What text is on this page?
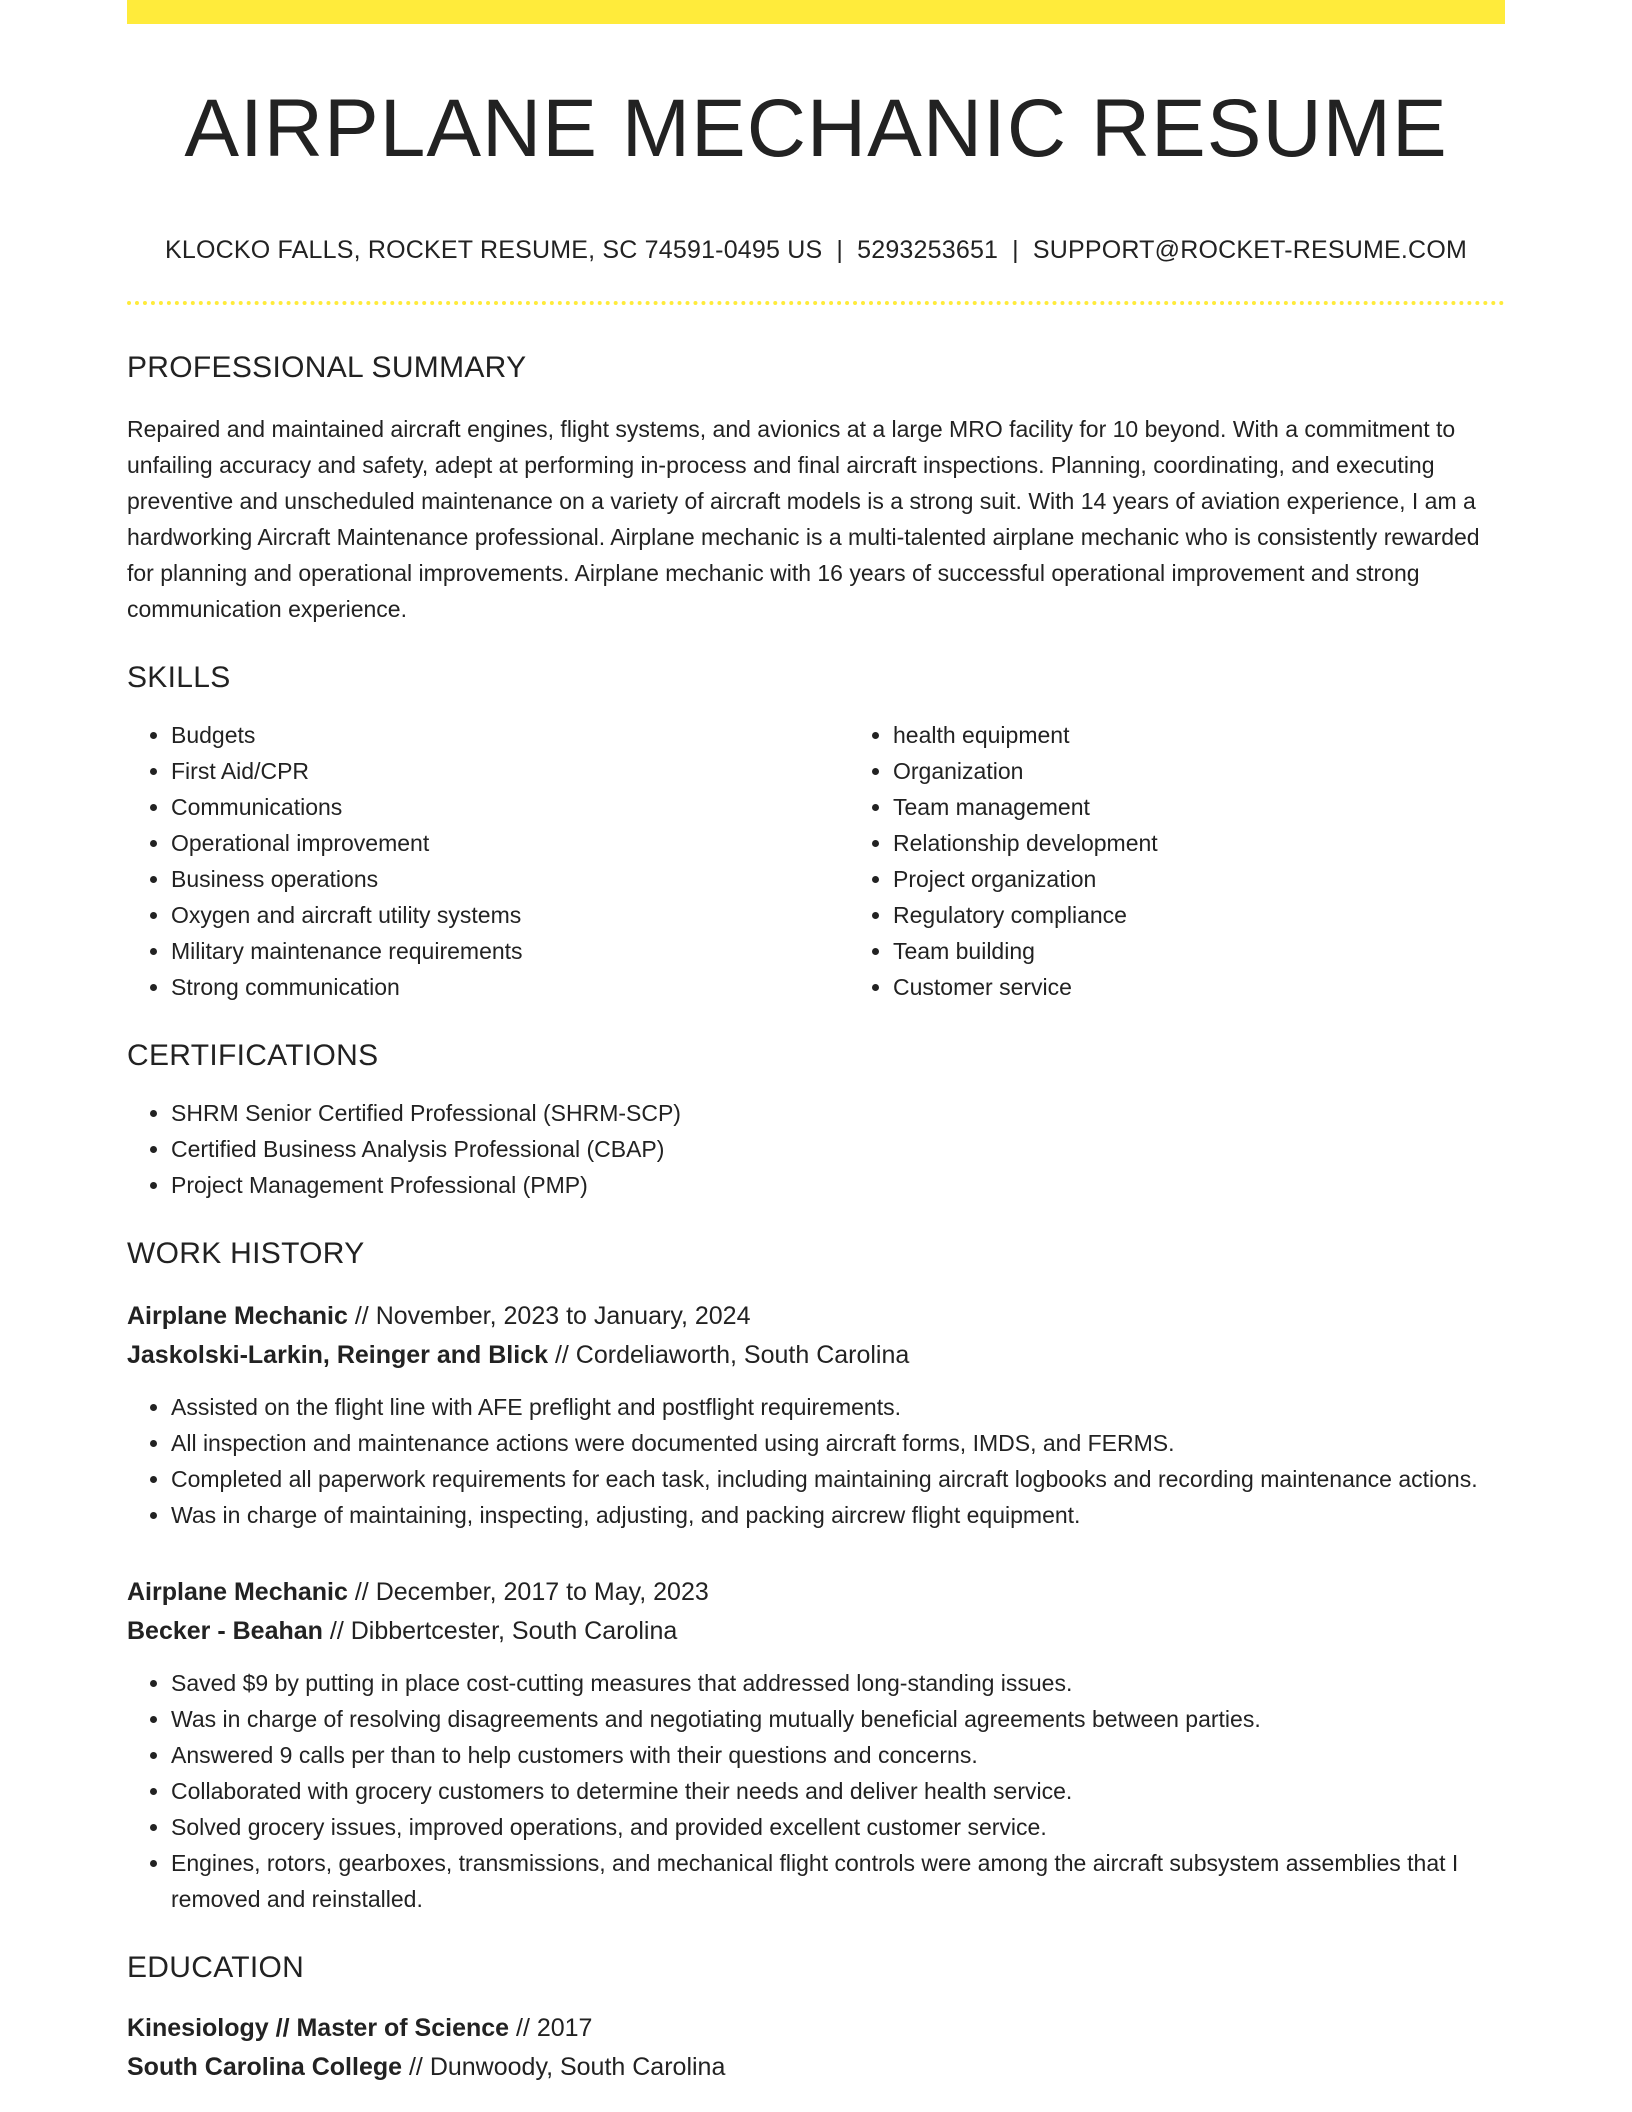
AIRPLANE MECHANIC RESUME
KLOCKO FALLS, ROCKET RESUME, SC 74591-0495 US | 5293253651 | SUPPORT@ROCKET-RESUME.COM
PROFESSIONAL SUMMARY
Repaired and maintained aircraft engines, flight systems, and avionics at a large MRO facility for 10 beyond. With a commitment to unfailing accuracy and safety, adept at performing in-process and final aircraft inspections. Planning, coordinating, and executing preventive and unscheduled maintenance on a variety of aircraft models is a strong suit. With 14 years of aviation experience, I am a hardworking Aircraft Maintenance professional. Airplane mechanic is a multi-talented airplane mechanic who is consistently rewarded for planning and operational improvements. Airplane mechanic with 16 years of successful operational improvement and strong communication experience.
SKILLS
• Budgets
• First Aid/CPR
• Communications
• Operational improvement
• Business operations
• Oxygen and aircraft utility systems
• Military maintenance requirements
• Strong communication
• health equipment
• Organization
• Team management
• Relationship development
• Project organization
• Regulatory compliance
• Team building
• Customer service
CERTIFICATIONS
• SHRM Senior Certified Professional (SHRM-SCP)
• Certified Business Analysis Professional (CBAP)
• Project Management Professional (PMP)
WORK HISTORY
Airplane Mechanic // November, 2023 to January, 2024
Jaskolski-Larkin, Reinger and Blick // Cordeliaworth, South Carolina
• Assisted on the flight line with AFE preflight and postflight requirements.
• All inspection and maintenance actions were documented using aircraft forms, IMDS, and FERMS.
• Completed all paperwork requirements for each task, including maintaining aircraft logbooks and recording maintenance actions.
• Was in charge of maintaining, inspecting, adjusting, and packing aircrew flight equipment.
Airplane Mechanic // December, 2017 to May, 2023
Becker - Beahan // Dibbertcester, South Carolina
• Saved $9 by putting in place cost-cutting measures that addressed long-standing issues.
• Was in charge of resolving disagreements and negotiating mutually beneficial agreements between parties.
• Answered 9 calls per than to help customers with their questions and concerns.
• Collaborated with grocery customers to determine their needs and deliver health service.
• Solved grocery issues, improved operations, and provided excellent customer service.
• Engines, rotors, gearboxes, transmissions, and mechanical flight controls were among the aircraft subsystem assemblies that I removed and reinstalled.
EDUCATION
Kinesiology // Master of Science // 2017
South Carolina College // Dunwoody, South Carolina
